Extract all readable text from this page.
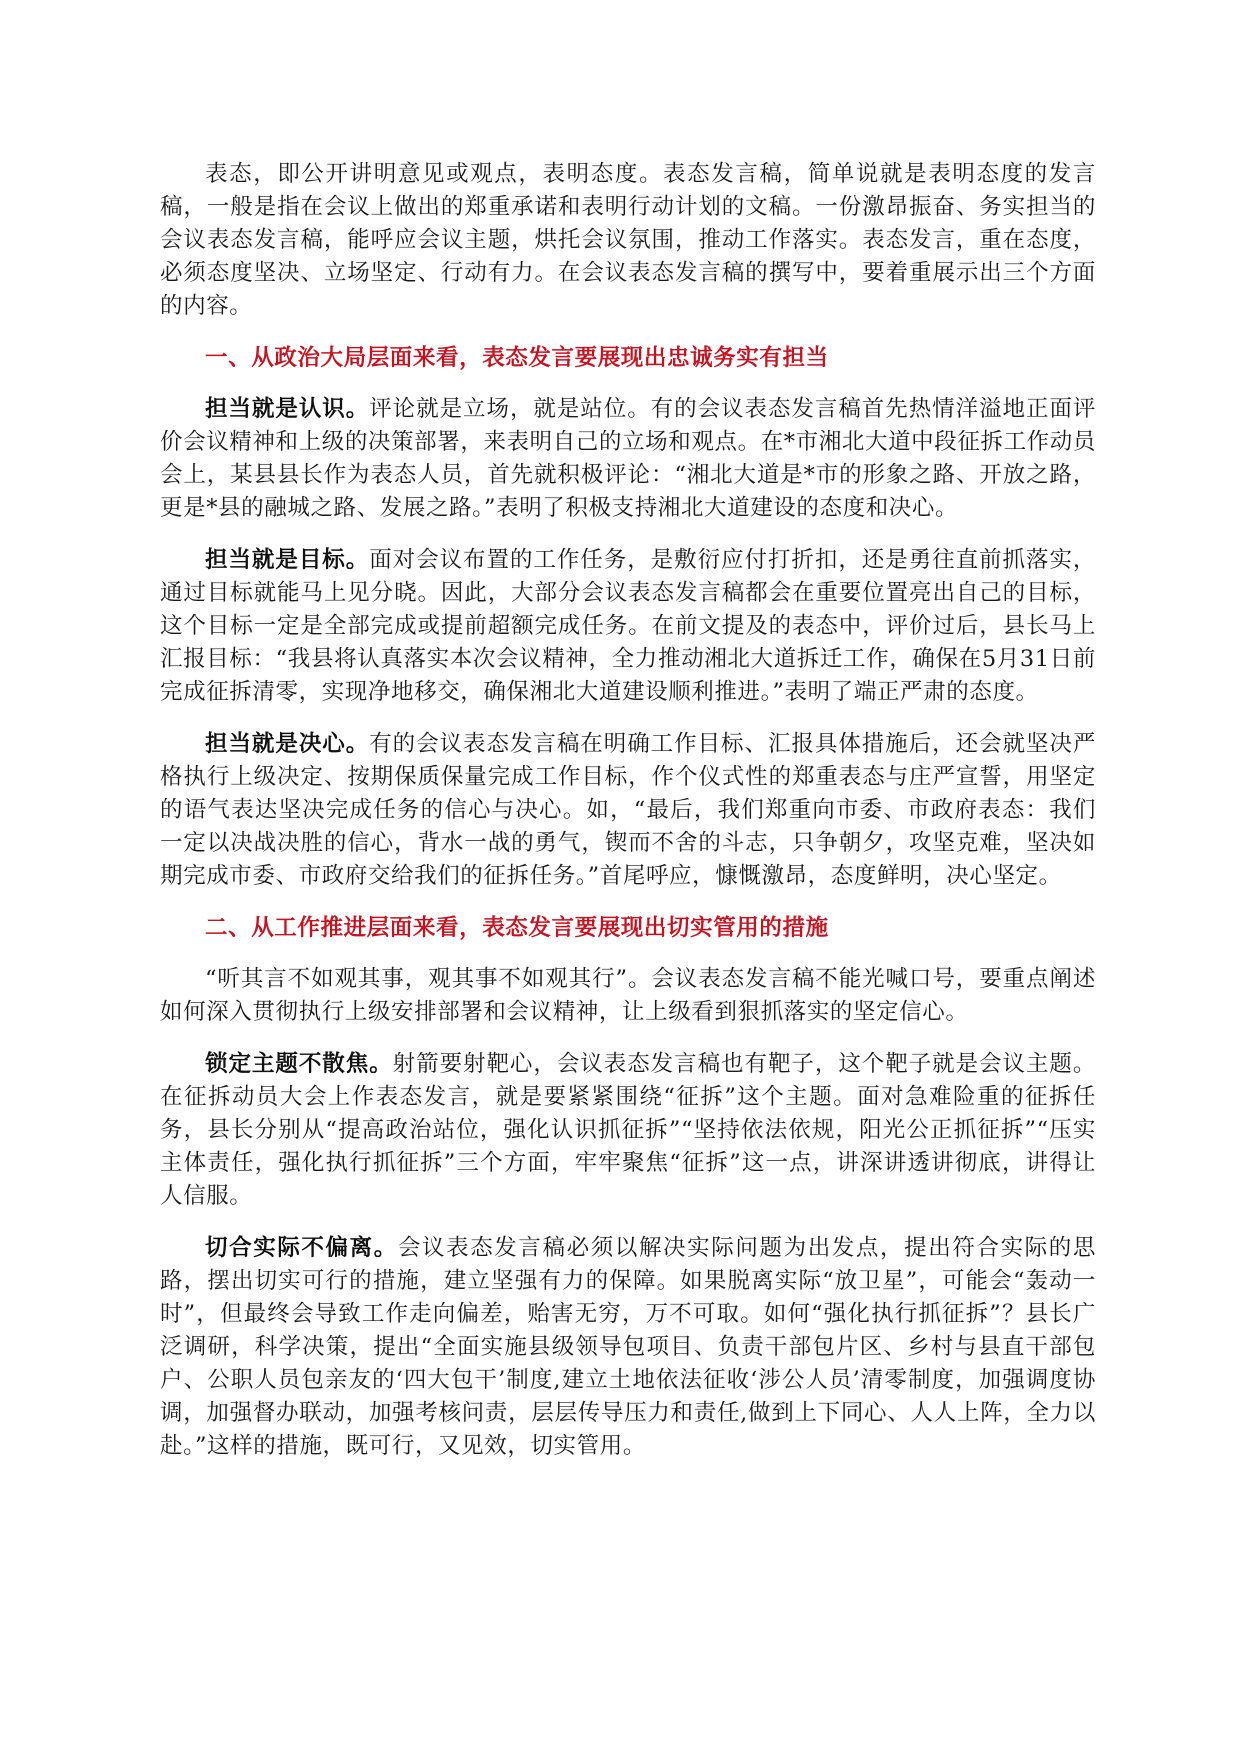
表态，即公开讲明意见或观点，表明态度。表态发言稿，简单说就是表明态度的发言稿，一般是指在会议上做出的郑重承诺和表明行动计划的文稿。一份激昂振奋、务实担当的会议表态发言稿，能呼应会议主题，烘托会议氛围，推动工作落实。表态发言，重在态度，必须态度坚决、立场坚定、行动有力。在会议表态发言稿的撰写中，要着重展示出三个方面的内容。

一、从政治大局层面来看，表态发言要展现出忠诚务实有担当

担当就是认识。评论就是立场，就是站位。有的会议表态发言稿首先热情洋溢地正面评价会议精神和上级的决策部署，来表明自己的立场和观点。在*市湘北大道中段征拆工作动员会上，某县县长作为表态人员，首先就积极评论：“湘北大道是*市的形象之路、开放之路，更是*县的融城之路、发展之路。”表明了积极支持湘北大道建设的态度和决心。

担当就是目标。面对会议布置的工作任务，是敷衍应付打折扣，还是勇往直前抓落实，通过目标就能马上见分晓。因此，大部分会议表态发言稿都会在重要位置亮出自己的目标，这个目标一定是全部完成或提前超额完成任务。在前文提及的表态中，评价过后，县长马上汇报目标：“我县将认真落实本次会议精神，全力推动湘北大道拆迁工作，确保在5月31日前完成征拆清零，实现净地移交，确保湘北大道建设顺利推进。”表明了端正严肃的态度。

担当就是决心。有的会议表态发言稿在明确工作目标、汇报具体措施后，还会就坚决严格执行上级决定、按期保质保量完成工作目标，作个仪式性的郑重表态与庄严宣誓，用坚定的语气表达坚决完成任务的信心与决心。如，“最后，我们郑重向市委、市政府表态：我们一定以决战决胜的信心，背水一战的勇气，锲而不舍的斗志，只争朝夕，攻坚克难，坚决如期完成市委、市政府交给我们的征拆任务。”首尾呼应，慷慨激昂，态度鲜明，决心坚定。

二、从工作推进层面来看，表态发言要展现出切实管用的措施

“听其言不如观其事，观其事不如观其行”。会议表态发言稿不能光喊口号，要重点阐述如何深入贯彻执行上级安排部署和会议精神，让上级看到狠抓落实的坚定信心。

锁定主题不散焦。射箭要射靶心，会议表态发言稿也有靶子，这个靶子就是会议主题。在征拆动员大会上作表态发言，就是要紧紧围绕“征拆”这个主题。面对急难险重的征拆任务，县长分别从“提高政治站位，强化认识抓征拆”“坚持依法依规，阳光公正抓征拆”“压实主体责任，强化执行抓征拆”三个方面，牢牢聚焦“征拆”这一点，讲深讲透讲彻底，讲得让人信服。

切合实际不偏离。会议表态发言稿必须以解决实际问题为出发点，提出符合实际的思路，摆出切实可行的措施，建立坚强有力的保障。如果脱离实际“放卫星”，可能会“轰动一时”，但最终会导致工作走向偏差，贻害无穷，万不可取。如何“强化执行抓征拆”？县长广泛调研，科学决策，提出“全面实施县级领导包项目、负责干部包片区、乡村与县直干部包户、公职人员包亲友的‘四大包干’制度,建立土地依法征收‘涉公人员’清零制度，加强调度协调，加强督办联动，加强考核问责，层层传导压力和责任,做到上下同心、人人上阵，全力以赴。”这样的措施，既可行，又见效，切实管用。
